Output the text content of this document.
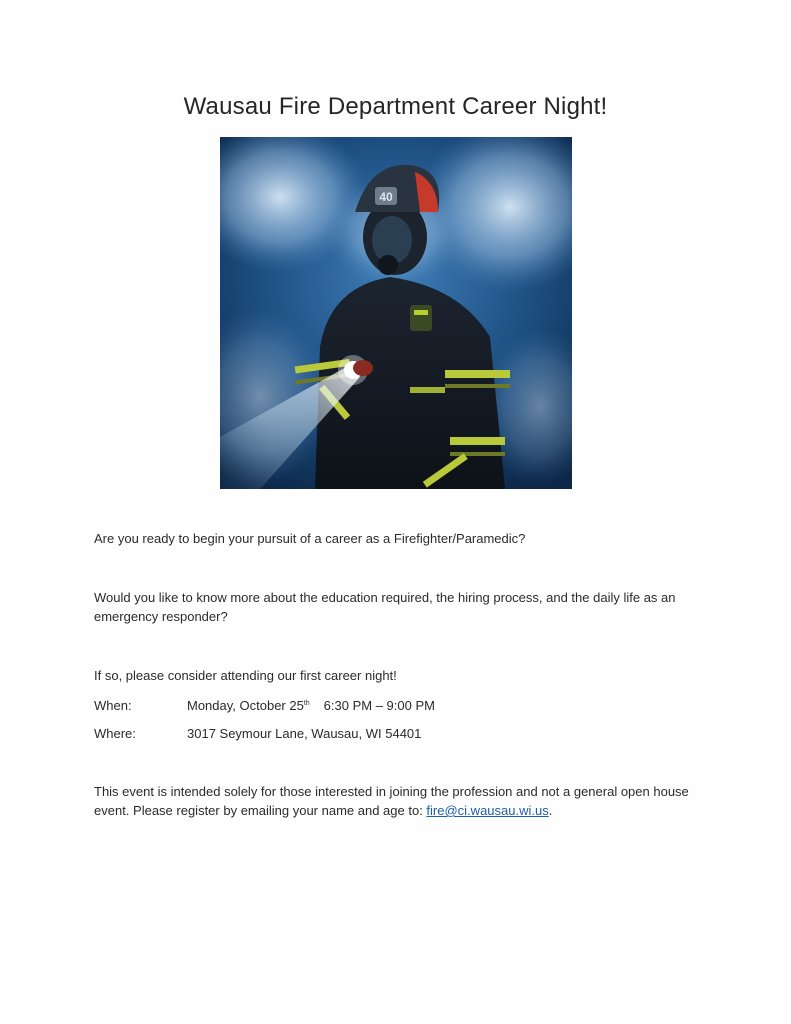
Wausau Fire Department Career Night!
40
Are you ready to begin your pursuit of a career as a Firefighter/Paramedic?
Would you like to know more about the education required, the hiring process, and the daily life as an emergency responder?
If so, please consider attending our first career night!
When:	Monday, October 25th 6:30 PM – 9:00 PM
Where:	3017 Seymour Lane, Wausau, WI 54401
This event is intended solely for those interested in joining the profession and not a general open house event. Please register by emailing your name and age to: fire@ci.wausau.wi.us.
